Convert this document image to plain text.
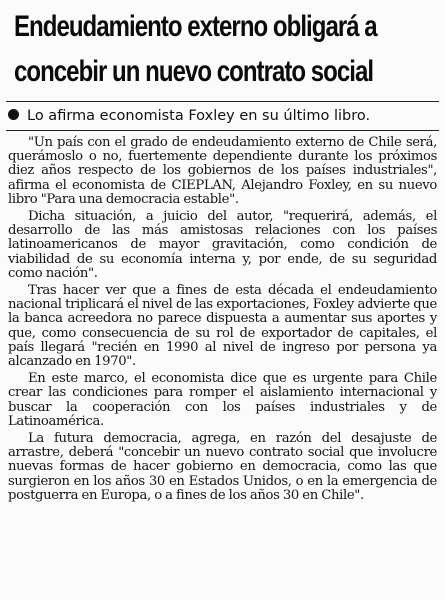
Endeudamiento externo obligará a
concebir un nuevo contrato social
Lo afirma economista Foxley en su último libro.

"Un país con el grado de endeudamiento externo de Chile será, querámoslo o no, fuertemente dependiente durante los próximos diez años respecto de los gobiernos de los países industriales", afirma el economista de CIEPLAN, Alejandro Foxley, en su nuevo libro "Para una democracia estable".

Dicha situación, a juicio del autor, "requerirá, además, el desarrollo de las más amistosas relaciones con los países latinoamericanos de mayor gravitación, como condición de viabilidad de su economía interna y, por ende, de su seguridad como nación".

Tras hacer ver que a fines de esta década el endeudamiento nacional triplicará el nivel de las exportaciones, Foxley advierte que la banca acreedora no parece dispuesta a aumentar sus aportes y que, como consecuencia de su rol de exportador de capitales, el país llegará "recién en 1990 al nivel de ingreso por persona ya alcanzado en 1970".

En este marco, el economista dice que es urgente para Chile crear las condiciones para romper el aislamiento internacional y buscar la cooperación con los países industriales y de Latinoamérica.

La futura democracia, agrega, en razón del desajuste de arrastre, deberá "concebir un nuevo contrato social que involucre nuevas formas de hacer gobierno en democracia, como las que surgieron en los años 30 en Estados Unidos, o en la emergencia de postguerra en Europa, o a fines de los años 30 en Chile".
